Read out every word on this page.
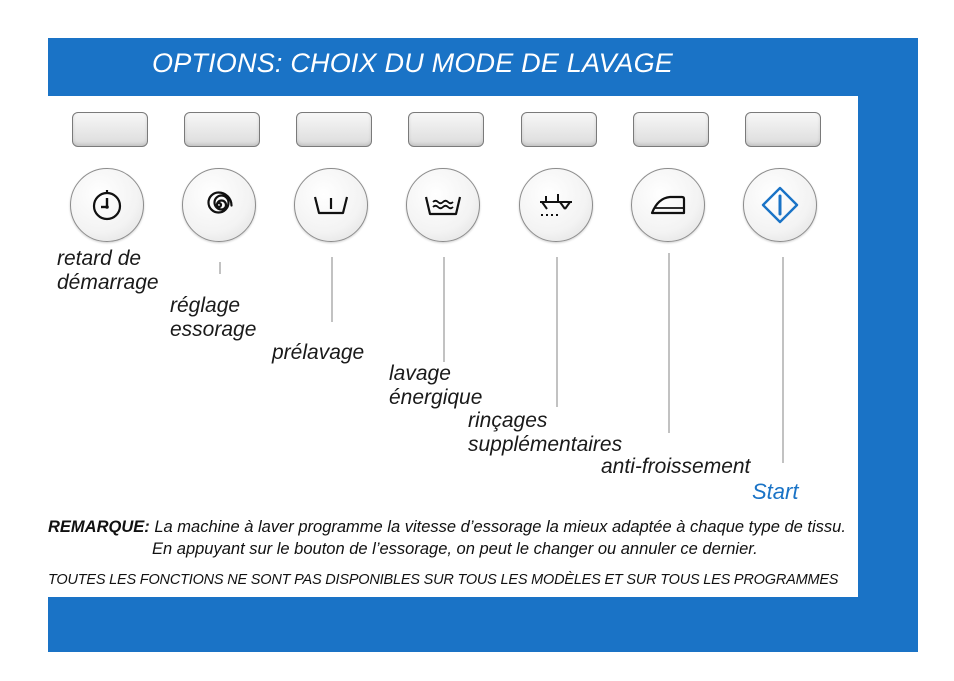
OPTIONS: CHOIX DU MODE DE LAVAGE
retard de
démarrage
réglage
essorage
prélavage
lavage
énergique
rinçages
supplémentaires
anti-froissement
Start
REMARQUE: La machine à laver programme la vitesse d’essorage la mieux adaptée à chaque type de tissu.
En appuyant sur le bouton de l’essorage, on peut le changer ou annuler ce dernier.
TOUTES LES FONCTIONS NE SONT PAS DISPONIBLES SUR TOUS LES MODÈLES ET SUR TOUS LES PROGRAMMES
